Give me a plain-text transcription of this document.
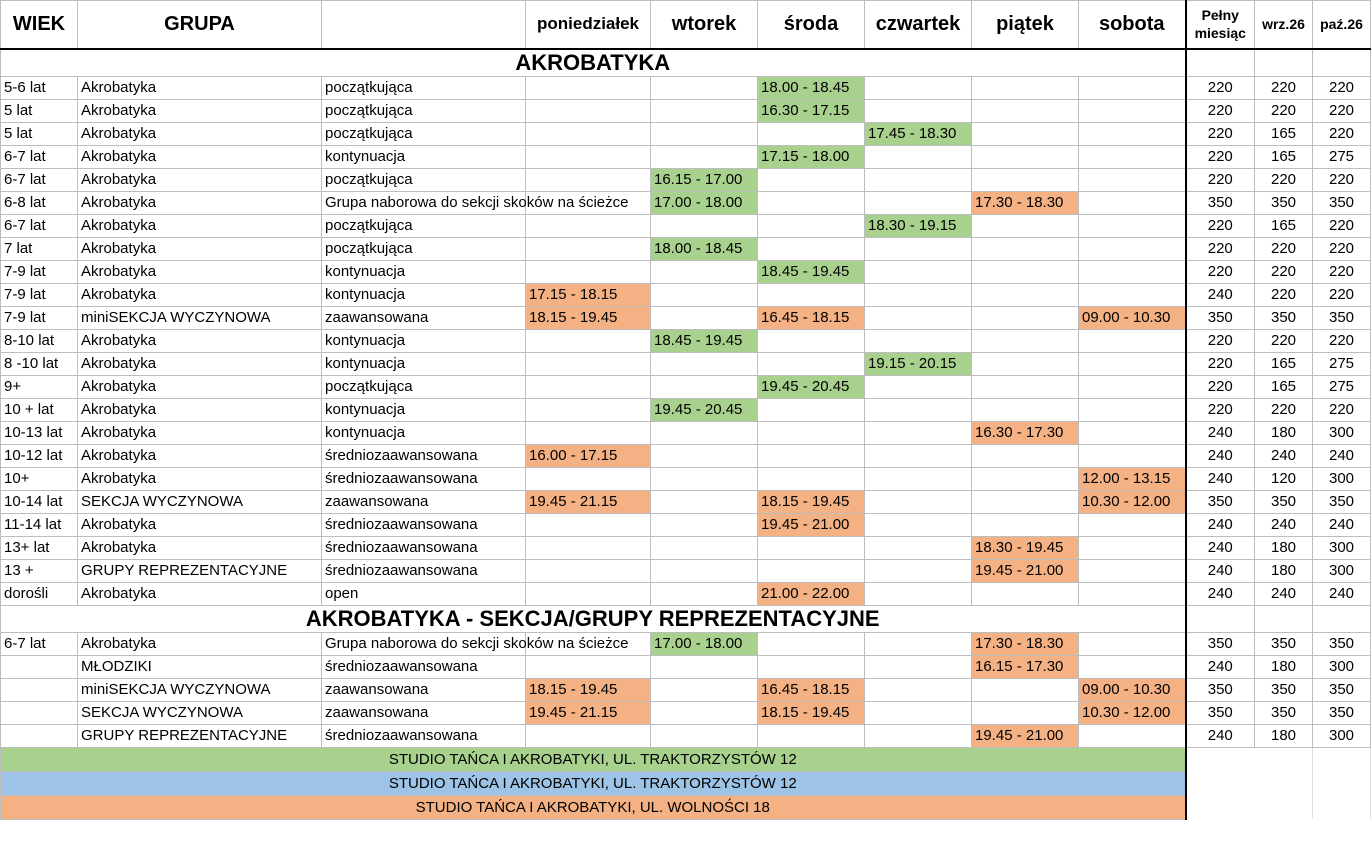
WIEK	GRUPA		poniedziałek	wtorek	środa	czwartek	piątek	sobota	Pełny
miesiąc	wrz.26	paź.26
AKROBATYKA											
5-6 lat	Akrobatyka	początkująca			18.00 - 18.45				220	220	220
5 lat	Akrobatyka	początkująca			16.30 - 17.15				220	220	220
5 lat	Akrobatyka	początkująca				17.45 - 18.30			220	165	220
6-7 lat	Akrobatyka	kontynuacja			17.15 - 18.00				220	165	275
6-7 lat	Akrobatyka	początkująca		16.15 - 17.00					220	220	220
6-8 lat	Akrobatyka	Grupa naborowa do sekcji skoków na ścieżce		17.00 - 18.00			17.30 - 18.30		350	350	350
6-7 lat	Akrobatyka	początkująca				18.30 - 19.15			220	165	220
7 lat	Akrobatyka	początkująca		18.00 - 18.45					220	220	220
7-9 lat	Akrobatyka	kontynuacja			18.45 - 19.45				220	220	220
7-9 lat	Akrobatyka	kontynuacja	17.15 - 18.15						240	220	220
7-9 lat	miniSEKCJA WYCZYNOWA	zaawansowana	18.15 - 19.45		16.45 - 18.15			09.00 - 10.30	350	350	350
8-10 lat	Akrobatyka	kontynuacja		18.45 - 19.45					220	220	220
8 -10 lat	Akrobatyka	kontynuacja				19.15 - 20.15			220	165	275
9+	Akrobatyka	początkująca			19.45 - 20.45				220	165	275
10 + lat	Akrobatyka	kontynuacja		19.45 - 20.45					220	220	220
10-13 lat	Akrobatyka	kontynuacja					16.30 - 17.30		240	180	300
10-12 lat	Akrobatyka	średniozaawansowana	16.00 - 17.15						240	240	240
10+	Akrobatyka	średniozaawansowana						12.00 - 13.15	240	120	300
10-14 lat	SEKCJA WYCZYNOWA	zaawansowana	19.45 - 21.15		18.15 - 19.45			10.30 - 12.00	350	350	350
11-14 lat	Akrobatyka	średniozaawansowana			19.45 - 21.00				240	240	240
13+ lat	Akrobatyka	średniozaawansowana					18.30 - 19.45		240	180	300
13 +	GRUPY REPREZENTACYJNE	średniozaawansowana					19.45 - 21.00		240	180	300
dorośli	Akrobatyka	open			21.00 - 22.00				240	240	240
AKROBATYKA - SEKCJA/GRUPY REPREZENTACYJNE											
6-7 lat	Akrobatyka	Grupa naborowa do sekcji skoków na ścieżce		17.00 - 18.00			17.30 - 18.30		350	350	350
	MŁODZIKI	średniozaawansowana					16.15 - 17.30		240	180	300
	miniSEKCJA WYCZYNOWA	zaawansowana	18.15 - 19.45		16.45 - 18.15			09.00 - 10.30	350	350	350
	SEKCJA WYCZYNOWA	zaawansowana	19.45 - 21.15		18.15 - 19.45			10.30 - 12.00	350	350	350
	GRUPY REPREZENTACYJNE	średniozaawansowana					19.45 - 21.00		240	180	300
STUDIO TAŃCA I AKROBATYKI, UL. TRAKTORZYSTÓW 12											
STUDIO TAŃCA I AKROBATYKI, UL. TRAKTORZYSTÓW 12											
STUDIO TAŃCA I AKROBATYKI, UL. WOLNOŚCI 18											
